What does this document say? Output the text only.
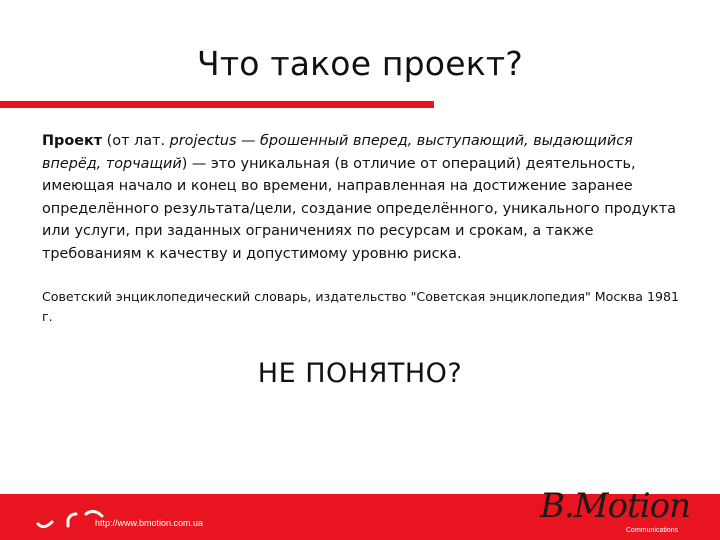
Что такое проект?
Проект (от лат. projectus — брошенный вперед, выступающий, выдающийся вперёд, торчащий) — это уникальная (в отличие от операций) деятельность, имеющая начало и конец во времени, направленная на достижение заранее определённого результата/цели, создание определённого, уникального продукта или услуги, при заданных ограничениях по ресурсам и срокам, а также требованиям к качеству и допустимому уровню риска.
Советский энциклопедический словарь, издательство "Советская энциклопедия" Москва 1981 г.
НЕ ПОНЯТНО?
http://www.bmotion.com.ua	B.Motion
Communications
